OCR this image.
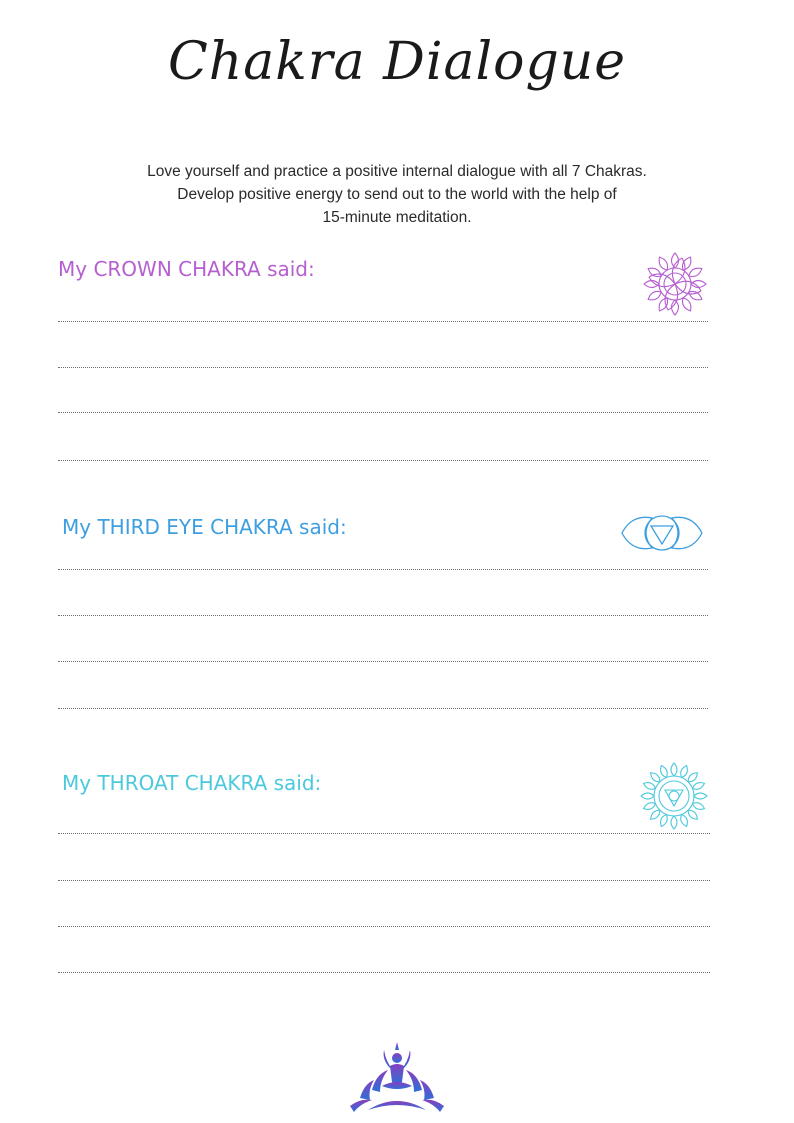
Chakra Dialogue
Love yourself and practice a positive internal dialogue with all 7 Chakras.
Develop positive energy to send out to the world with the help of
15-minute meditation.
My CROWN CHAKRA said:
My THIRD EYE CHAKRA said:
My THROAT CHAKRA said:
